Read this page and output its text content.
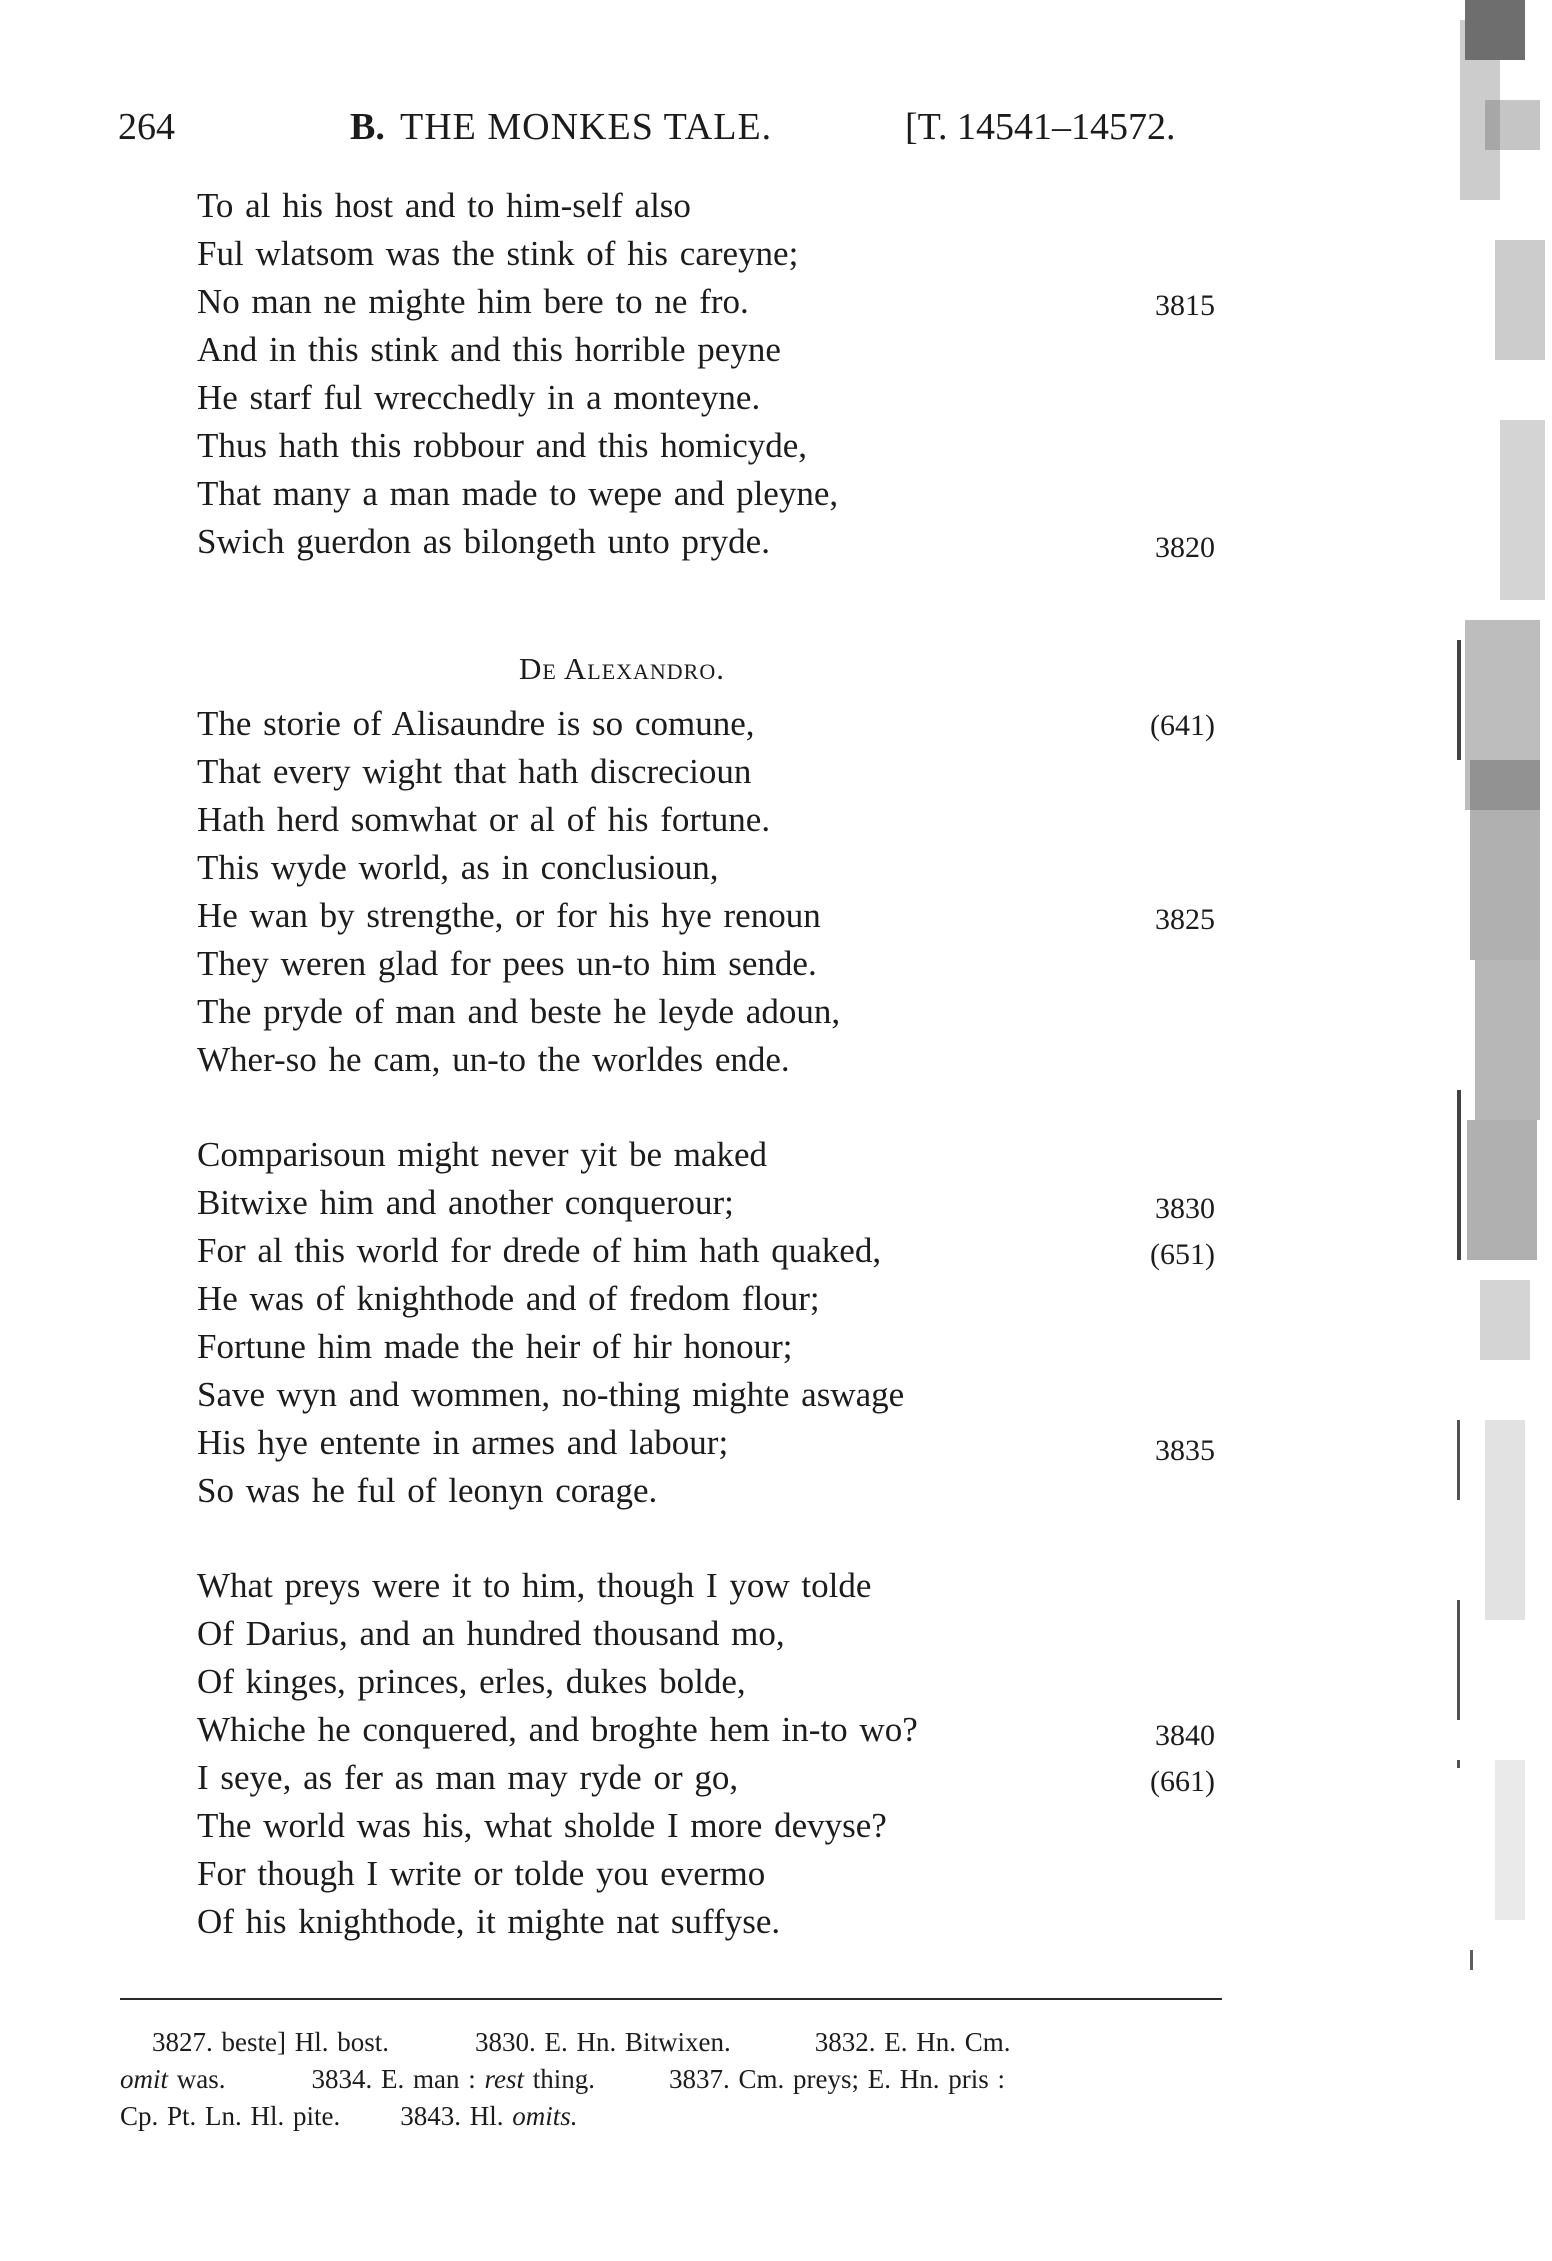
264	B. THE MONKES TALE.	[T. 14541–14572.
To al his host and to him-self also
Ful wlatsom was the stink of his careyne;
No man ne mighte him bere to ne fro.	3815
And in this stink and this horrible peyne
He starf ful wrecchedly in a monteyne.
Thus hath this robbour and this homicyde,
That many a man made to wepe and pleyne,
Swich guerdon as bilongeth unto pryde.	3820
De Alexandro.
The storie of Alisaundre is so comune,	(641)
That every wight that hath discrecioun
Hath herd somwhat or al of his fortune.
This wyde world, as in conclusioun,
He wan by strengthe, or for his hye renoun	3825
They weren glad for pees un-to him sende.
The pryde of man and beste he leyde adoun,
Wher-so he cam, un-to the worldes ende.
Comparisoun might never yit be maked
Bitwixe him and another conquerour;	3830
For al this world for drede of him hath quaked,	(651)
He was of knighthode and of fredom flour;
Fortune him made the heir of hir honour;
Save wyn and wommen, no-thing mighte aswage
His hye entente in armes and labour;	3835
So was he ful of leonyn corage.
What preys were it to him, though I yow tolde
Of Darius, and an hundred thousand mo,
Of kinges, princes, erles, dukes bolde,
Whiche he conquered, and broghte hem in-to wo?	3840
I seye, as fer as man may ryde or go,	(661)
The world was his, what sholde I more devyse?
For though I write or tolde you evermo
Of his knighthode, it mighte nat suffyse.
3827. beste] Hl. bost.	3830. E. Hn. Bitwixen.	3832. E. Hn. Cm.
omit was.	3834. E. man : rest thing.	3837. Cm. preys; E. Hn. pris :
Cp. Pt. Ln. Hl. pite. 3843. Hl. omits.
